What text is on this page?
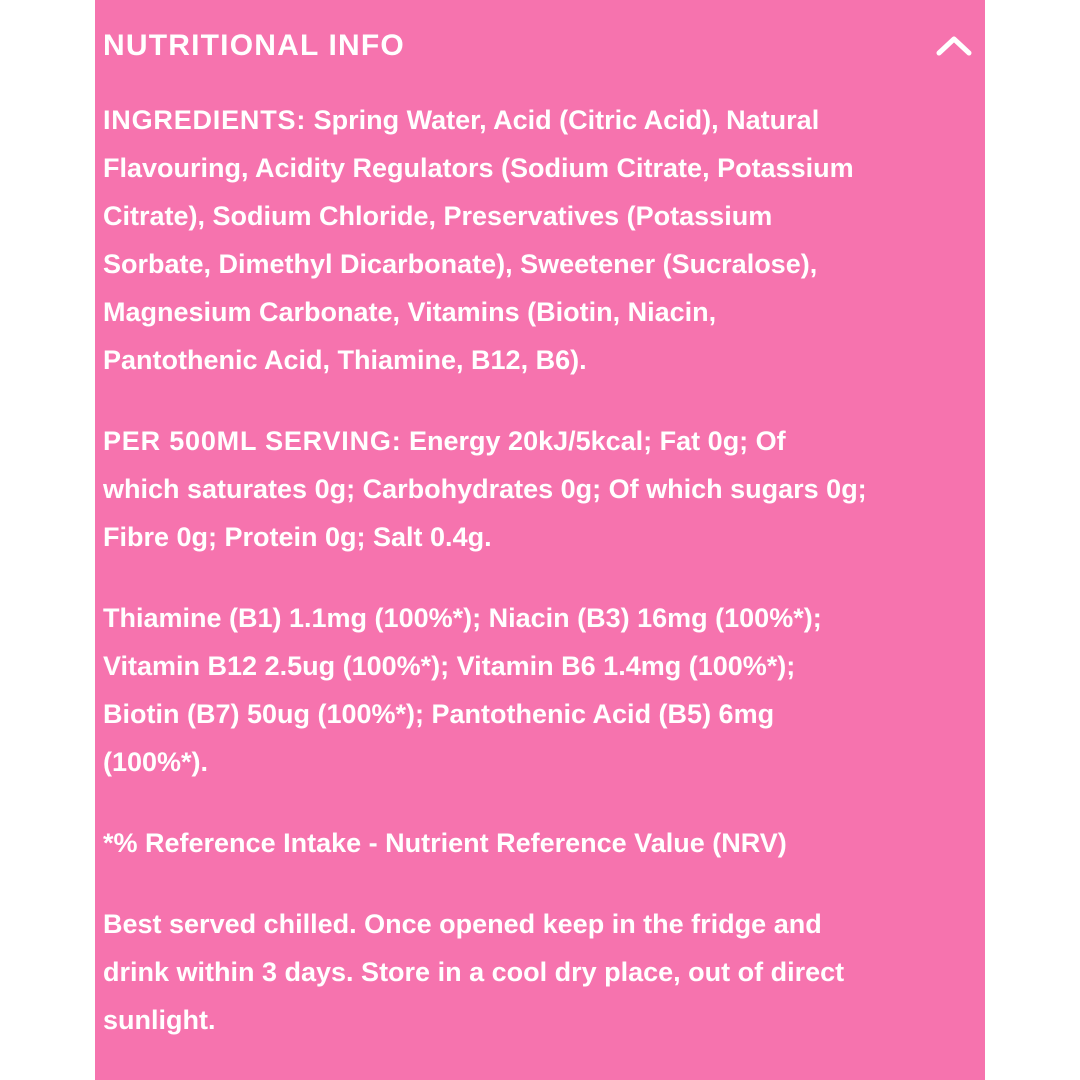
NUTRITIONAL INFO
INGREDIENTS: Spring Water, Acid (Citric Acid), Natural
Flavouring, Acidity Regulators (Sodium Citrate, Potassium
Citrate), Sodium Chloride, Preservatives (Potassium
Sorbate, Dimethyl Dicarbonate), Sweetener (Sucralose),
Magnesium Carbonate, Vitamins (Biotin, Niacin,
Pantothenic Acid, Thiamine, B12, B6).
PER 500ML SERVING: Energy 20kJ/5kcal; Fat 0g; Of
which saturates 0g; Carbohydrates 0g; Of which sugars 0g;
Fibre 0g; Protein 0g; Salt 0.4g.
Thiamine (B1) 1.1mg (100%*); Niacin (B3) 16mg (100%*);
Vitamin B12 2.5ug (100%*); Vitamin B6 1.4mg (100%*);
Biotin (B7) 50ug (100%*); Pantothenic Acid (B5) 6mg
(100%*).
*% Reference Intake - Nutrient Reference Value (NRV)
Best served chilled. Once opened keep in the fridge and
drink within 3 days. Store in a cool dry place, out of direct
sunlight.
